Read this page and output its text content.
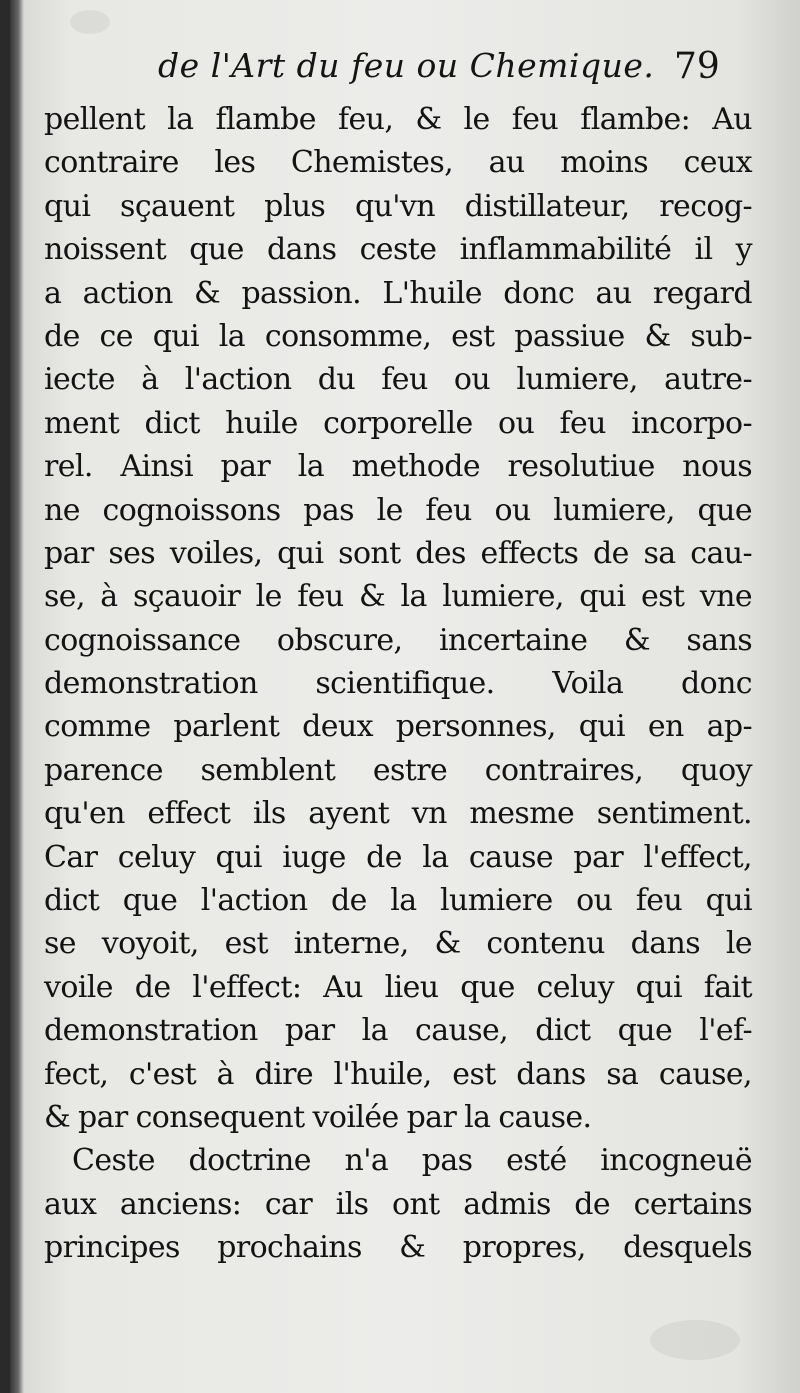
de l'Art du feu ou Chemique. 79
pellent la flambe feu, & le feu flambe: Au
contraire les Chemistes, au moins ceux
qui sçauent plus qu'vn distillateur, recog-
noissent que dans ceste inflammabilité il y
a action & passion. L'huile donc au regard
de ce qui la consomme, est passiue & sub-
iecte à l'action du feu ou lumiere, autre-
ment dict huile corporelle ou feu incorpo-
rel. Ainsi par la methode resolutiue nous
ne cognoissons pas le feu ou lumiere, que
par ses voiles, qui sont des effects de sa cau-
se, à sçauoir le feu & la lumiere, qui est vne
cognoissance obscure, incertaine & sans
demonstration scientifique. Voila donc
comme parlent deux personnes, qui en ap-
parence semblent estre contraires, quoy
qu'en effect ils ayent vn mesme sentiment.
Car celuy qui iuge de la cause par l'effect,
dict que l'action de la lumiere ou feu qui
se voyoit, est interne, & contenu dans le
voile de l'effect: Au lieu que celuy qui fait
demonstration par la cause, dict que l'ef-
fect, c'est à dire l'huile, est dans sa cause,
& par consequent voilée par la cause.
Ceste doctrine n'a pas esté incogneuë
aux anciens: car ils ont admis de certains
principes prochains & propres, desquels
